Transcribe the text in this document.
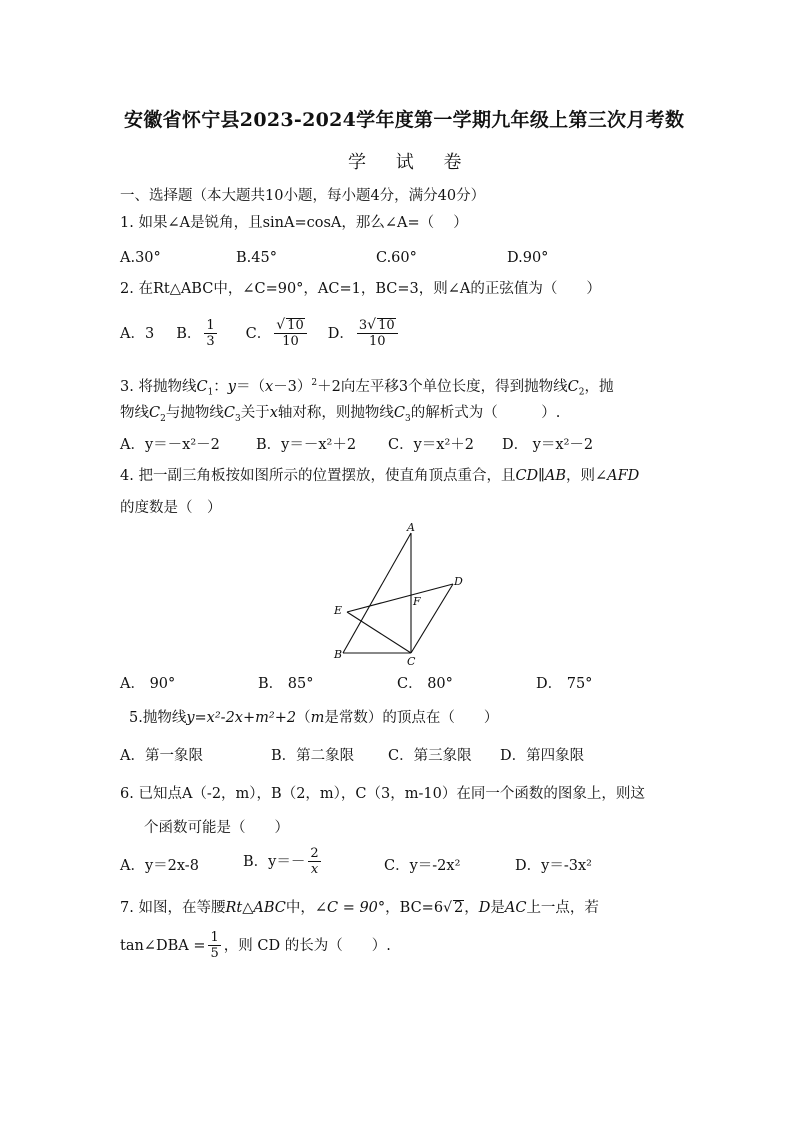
安徽省怀宁县2023-2024学年度第一学期九年级上第三次月考数
学 试 卷
一、选择题（本大题共10小题，每小题4分，满分40分）
1. 如果∠A是锐角，且sinA=cosA，那么∠A=（　 ）
A.30°	B.45°	C.60°	D.90°
2. 在Rt△ABC中，∠C=90°，AC=1，BC=3，则∠A的正弦值为（　　）
A．3 B． $\frac{1}{3}$ C． $\frac{√ 10}{10}$ D． $\frac{3√ 10}{10}$
3. 将抛物线$C_1$：$y=(x-3)^2+2$向左平移3个单位长度，得到抛物线$C_2$，抛
物线$C_2$与抛物线$C_3$关于x轴对称，则抛物线$C_3$的解析式为（　　　）.
A．y＝－x²－2 B．y＝－x²＋2 C．y＝x²＋2 D． y＝x²－2
4. 把一副三角板按如图所示的位置摆放，使直角顶点重合，且CD∥AB，则∠AFD
的度数是（　）
A
D
E
F
B
C
A． 90°	B． 85°	C． 80°	D． 75°
5.抛物线y=x²-2x+m²+2（m是常数）的顶点在（　　）
A．第一象限	B．第二象限 C．第三象限 D．第四象限
6. 已知点A（-2，m），B（2，m），C（3，m-10）在同一个函数的图象上，则这
个函数可能是（　　）
A．y＝2x-8	B．$y=- \frac{2}{x}$	C．y＝-2x²	D．y＝-3x²
7. 如图，在等腰Rt△ABC中，∠C = 90°，BC=6√ 2，D是AC上一点，若
tan∠DBA = $\frac{1}{5}$ ，则 CD 的长为（　　）.
